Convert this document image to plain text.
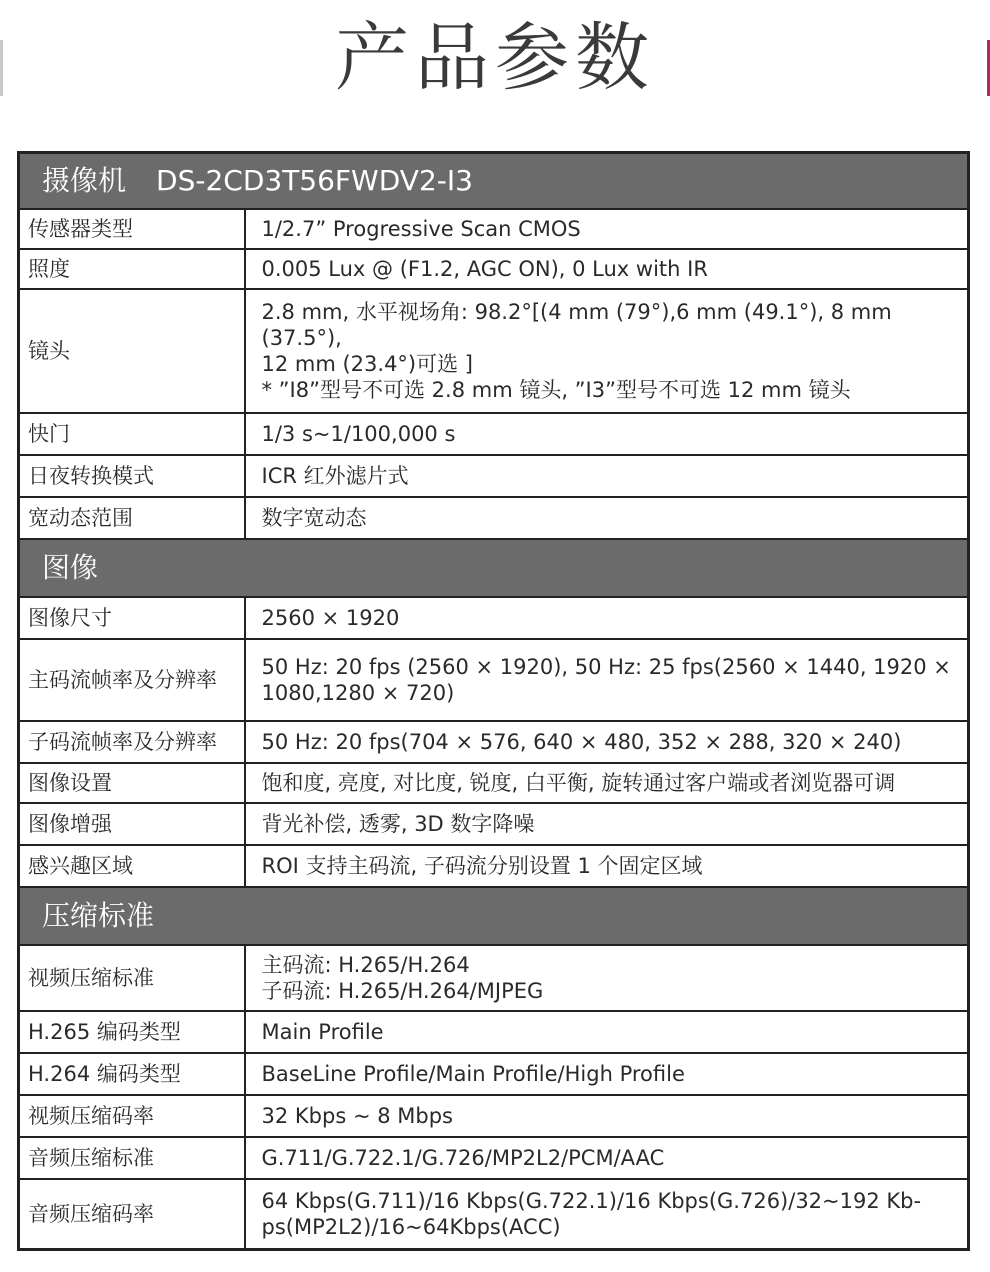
产品参数
摄像机 DS-2CD3T56FWDV2-I3	
传感器类型	1/2.7” Progressive Scan CMOS
照度	0.005 Lux @ (F1.2, AGC ON), 0 Lux with IR
镜头	2.8 mm, 水平视场角: 98.2°[(4 mm (79°),6 mm (49.1°), 8 mm (37.5°),
12 mm (23.4°)可选 ]
* ”I8”型号不可选 2.8 mm 镜头, ”I3”型号不可选 12 mm 镜头

快门	1/3 s~1/100,000 s
日夜转换模式	ICR 红外滤片式
宽动态范围	数字宽动态
图像	
图像尺寸	2560 × 1920
主码流帧率及分辨率	50 Hz: 20 fps (2560 × 1920), 50 Hz: 25 fps(2560 × 1440, 1920 ×
1080,1280 × 720)

子码流帧率及分辨率	50 Hz: 20 fps(704 × 576, 640 × 480, 352 × 288, 320 × 240)
图像设置	饱和度, 亮度, 对比度, 锐度, 白平衡, 旋转通过客户端或者浏览器可调
图像增强	背光补偿, 透雾, 3D 数字降噪
感兴趣区域	ROI 支持主码流, 子码流分别设置 1 个固定区域
压缩标准	
视频压缩标准	主码流: H.265/H.264
子码流: H.265/H.264/MJPEG

H.265 编码类型	Main Profile
H.264 编码类型	BaseLine Profile/Main Profile/High Profile
视频压缩码率	32 Kbps ~ 8 Mbps
音频压缩标准	G.711/G.722.1/G.726/MP2L2/PCM/AAC
音频压缩码率	64 Kbps(G.711)/16 Kbps(G.722.1)/16 Kbps(G.726)/32~192 Kb-
ps(MP2L2)/16~64Kbps(ACC)
